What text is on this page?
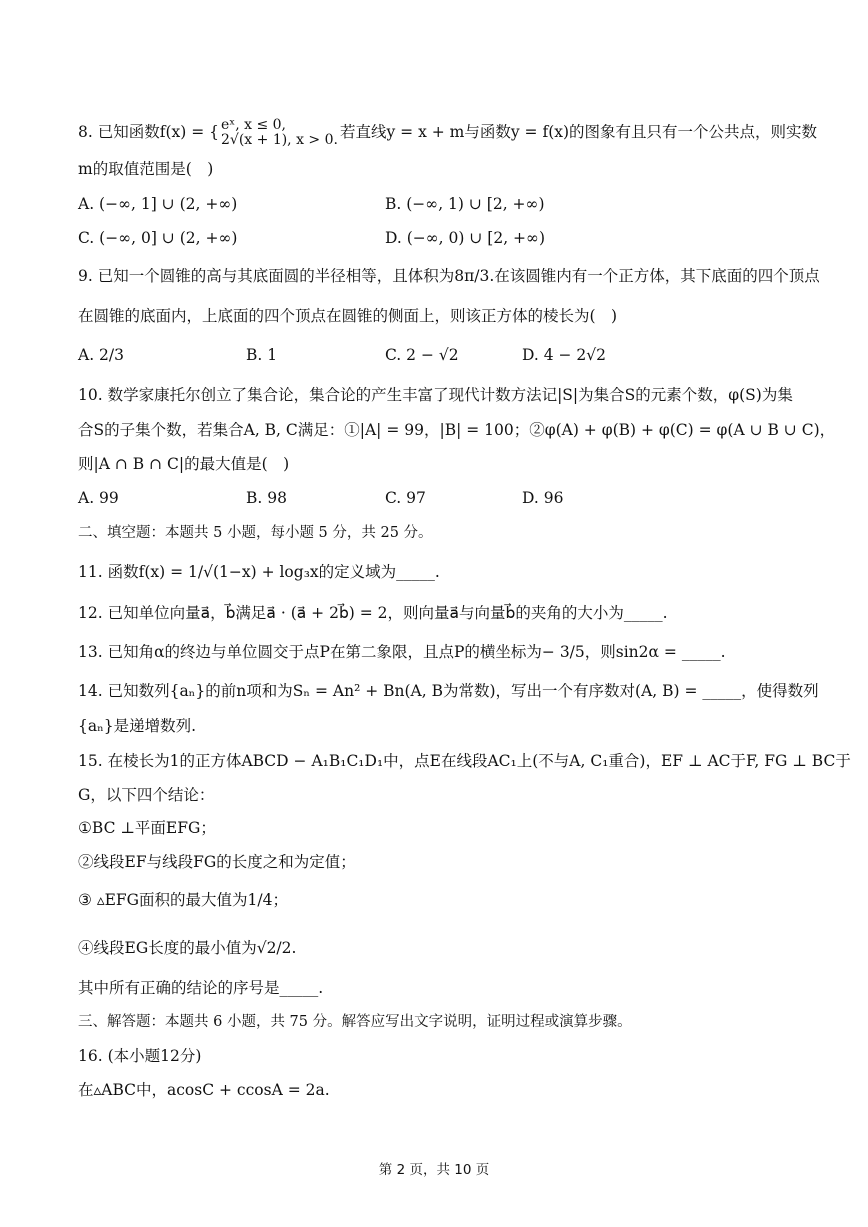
8. 已知函数f(x) = { eˣ, x ≤ 0,
2√(x + 1), x > 0. 若直线y = x + m与函数y = f(x)的图象有且只有一个公共点，则实数
m的取值范围是(　)
A. (−∞, 1] ∪ (2, +∞)	B. (−∞, 1) ∪ [2, +∞)
C. (−∞, 0] ∪ (2, +∞)	D. (−∞, 0) ∪ [2, +∞)
9. 已知一个圆锥的高与其底面圆的半径相等，且体积为8π/3.在该圆锥内有一个正方体，其下底面的四个顶点
在圆锥的底面内，上底面的四个顶点在圆锥的侧面上，则该正方体的棱长为(　)
A. 2/3	B. 1	C. 2 − √2	D. 4 − 2√2
10. 数学家康托尔创立了集合论，集合论的产生丰富了现代计数方法记|S|为集合S的元素个数，φ(S)为集
合S的子集个数，若集合A, B, C满足：①|A| = 99，|B| = 100；②φ(A) + φ(B) + φ(C) = φ(A ∪ B ∪ C)，
则|A ∩ B ∩ C|的最大值是(　)
A. 99	B. 98	C. 97	D. 96
二、填空题：本题共 5 小题，每小题 5 分，共 25 分。
11. 函数f(x) = 1/√(1−x) + log₃x的定义域为_____.
12. 已知单位向量a⃗，b⃗满足a⃗ · (a⃗ + 2b⃗) = 2，则向量a⃗与向量b⃗的夹角的大小为_____.
13. 已知角α的终边与单位圆交于点P在第二象限，且点P的横坐标为− 3/5，则sin2α = _____.
14. 已知数列{aₙ}的前n项和为Sₙ = An² + Bn(A, B为常数)，写出一个有序数对(A, B) = _____，使得数列
{aₙ}是递增数列.
15. 在棱长为1的正方体ABCD − A₁B₁C₁D₁中，点E在线段AC₁上(不与A, C₁重合)，EF ⊥ AC于F, FG ⊥ BC于
G，以下四个结论：
①BC ⊥平面EFG；
②线段EF与线段FG的长度之和为定值；
③ ▵EFG面积的最大值为1/4；
④线段EG长度的最小值为√2/2.
其中所有正确的结论的序号是_____.
三、解答题：本题共 6 小题，共 75 分。解答应写出文字说明，证明过程或演算步骤。
16. (本小题12分)
在▵ABC中，acosC + ccosA = 2a.
第 2 页，共 10 页
